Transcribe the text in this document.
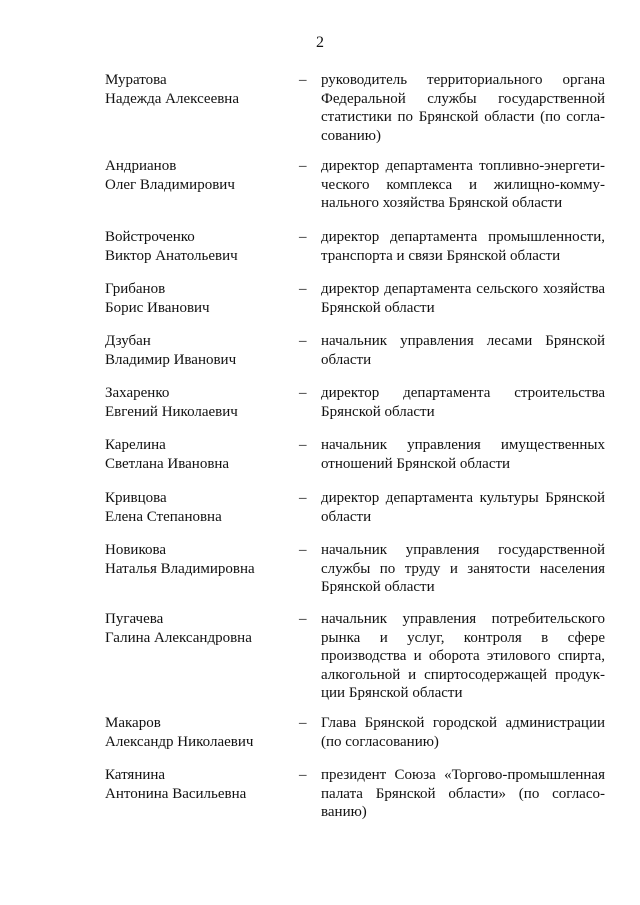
2
Муратова
Надежда Алексеевна
– руководитель территориального органа
Федеральной службы государственной
статистики по Брянской области (по согла-
сованию)
Андрианов
Олег Владимирович
– директор департамента топливно-энергети-
ческого комплекса и жилищно-комму-
нального хозяйства Брянской области
Войстроченко
Виктор Анатольевич
– директор департамента промышленности,
транспорта и связи Брянской области
Грибанов
Борис Иванович
– директор департамента сельского хозяйства
Брянской области
Дзубан
Владимир Иванович
– начальник управления лесами Брянской
области
Захаренко
Евгений Николаевич
– директор департамента строительства
Брянской области
Карелина
Светлана Ивановна
– начальник управления имущественных
отношений Брянской области
Кривцова
Елена Степановна
– директор департамента культуры Брянской
области
Новикова
Наталья Владимировна
– начальник управления государственной
службы по труду и занятости населения
Брянской области
Пугачева
Галина Александровна
– начальник управления потребительского
рынка и услуг, контроля в сфере
производства и оборота этилового спирта,
алкогольной и спиртосодержащей продук-
ции Брянской области
Макаров
Александр Николаевич
– Глава Брянской городской администрации
(по согласованию)
Катянина
Антонина Васильевна
– президент Союза «Торгово-промышленная
палата Брянской области» (по согласо-
ванию)
